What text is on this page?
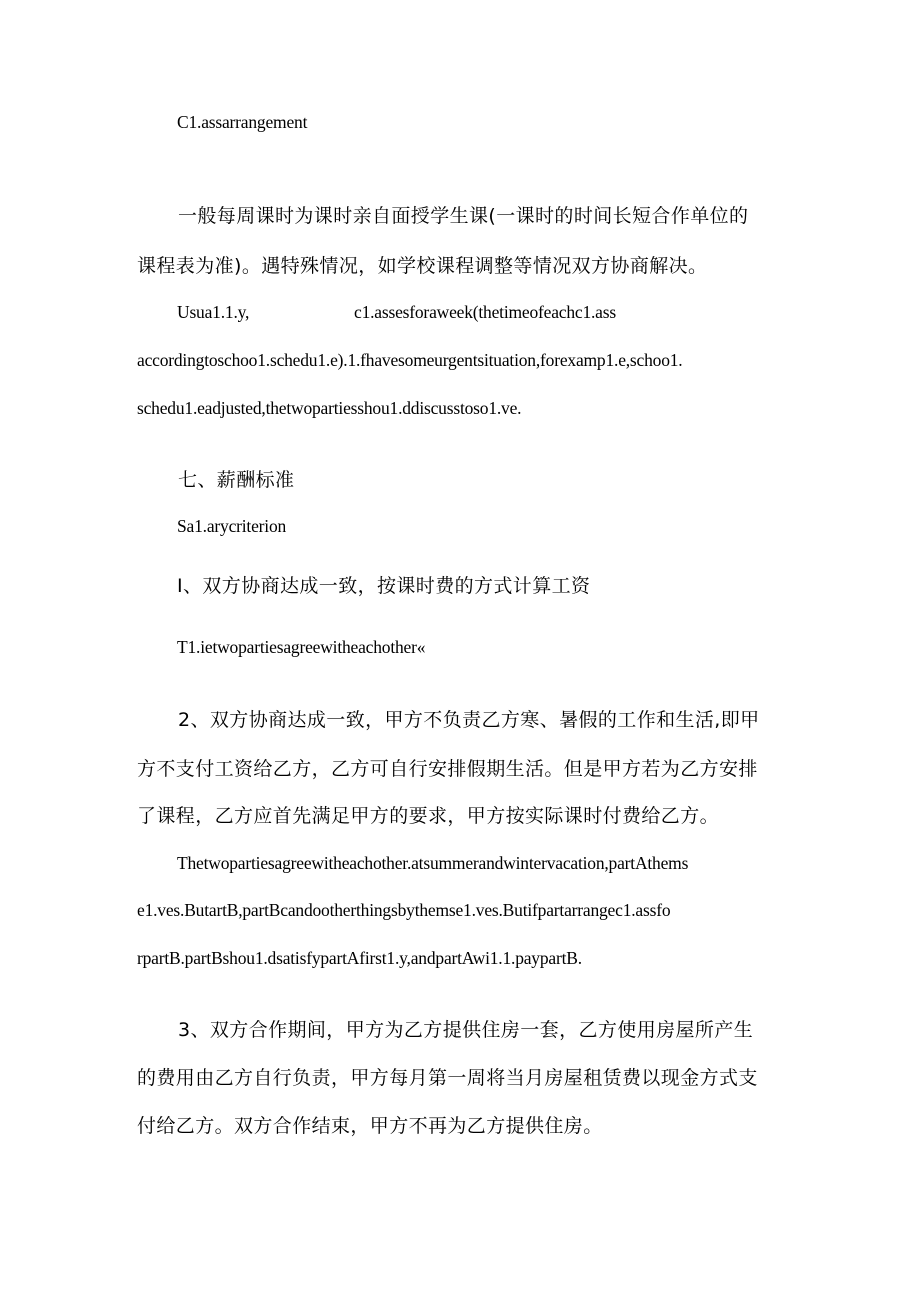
C1.assarrangement

一般每周课时为课时亲自面授学生课(一课时的时间长短合作单位的

课程表为准)。遇特殊情况，如学校课程调整等情况双方协商解决。

Usua1.1.y,	c1.assesforaweek(thetimeofeachc1.ass

accordingtoschoo1.schedu1.e).1.fhavesomeurgentsituation,forexamp1.e,schoo1.

schedu1.eadjusted,thetwopartiesshou1.ddiscusstoso1.ve.

七、薪酬标准

Sa1.arycriterion

I、双方协商达成一致，按课时费的方式计算工资

T1.ietwopartiesagreewitheachother«

2、双方协商达成一致，甲方不负责乙方寒、暑假的工作和生活,即甲

方不支付工资给乙方，乙方可自行安排假期生活。但是甲方若为乙方安排

了课程，乙方应首先满足甲方的要求，甲方按实际课时付费给乙方。

Thetwopartiesagreewitheachother.atsummerandwintervacation,partAthems

e1.ves.ButartB,partBcandootherthingsbythemse1.ves.Butifpartarrangec1.assfo

rpartB.partBshou1.dsatisfypartAfirst1.y,andpartAwi1.1.paypartB.

3、双方合作期间，甲方为乙方提供住房一套，乙方使用房屋所产生

的费用由乙方自行负责，甲方每月第一周将当月房屋租赁费以现金方式支

付给乙方。双方合作结束，甲方不再为乙方提供住房。
